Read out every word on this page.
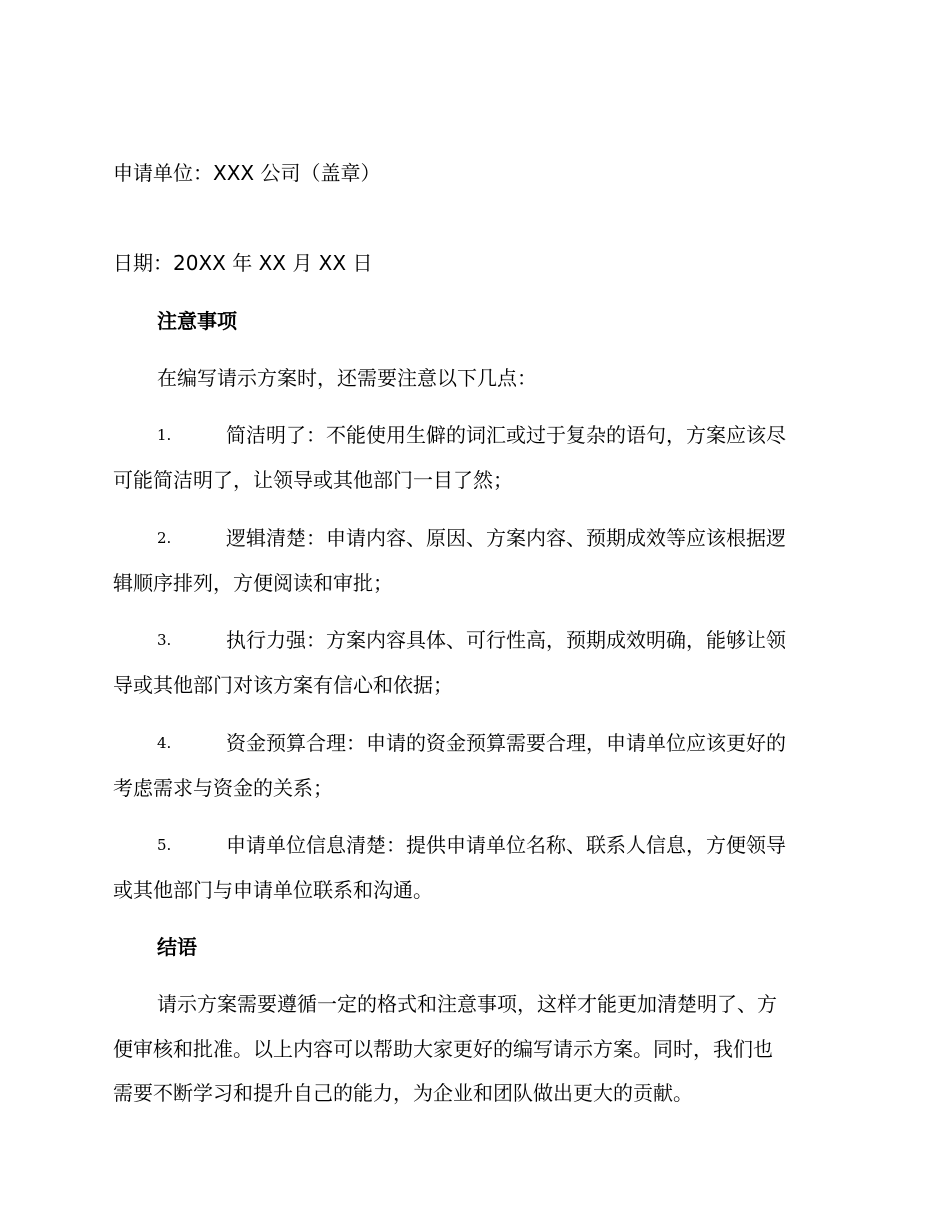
申请单位：XXX 公司（盖章）
日期：20XX 年 XX 月 XX 日
注意事项
在编写请示方案时，还需要注意以下几点：
1.	简洁明了：不能使用生僻的词汇或过于复杂的语句，方案应该尽
可能简洁明了，让领导或其他部门一目了然；
2.	逻辑清楚：申请内容、原因、方案内容、预期成效等应该根据逻
辑顺序排列，方便阅读和审批；
3.	执行力强：方案内容具体、可行性高，预期成效明确，能够让领
导或其他部门对该方案有信心和依据；
4.	资金预算合理：申请的资金预算需要合理，申请单位应该更好的
考虑需求与资金的关系；
5.	申请单位信息清楚：提供申请单位名称、联系人信息，方便领导
或其他部门与申请单位联系和沟通。
结语
请示方案需要遵循一定的格式和注意事项，这样才能更加清楚明了、方
便审核和批准。以上内容可以帮助大家更好的编写请示方案。同时，我们也
需要不断学习和提升自己的能力，为企业和团队做出更大的贡献。
